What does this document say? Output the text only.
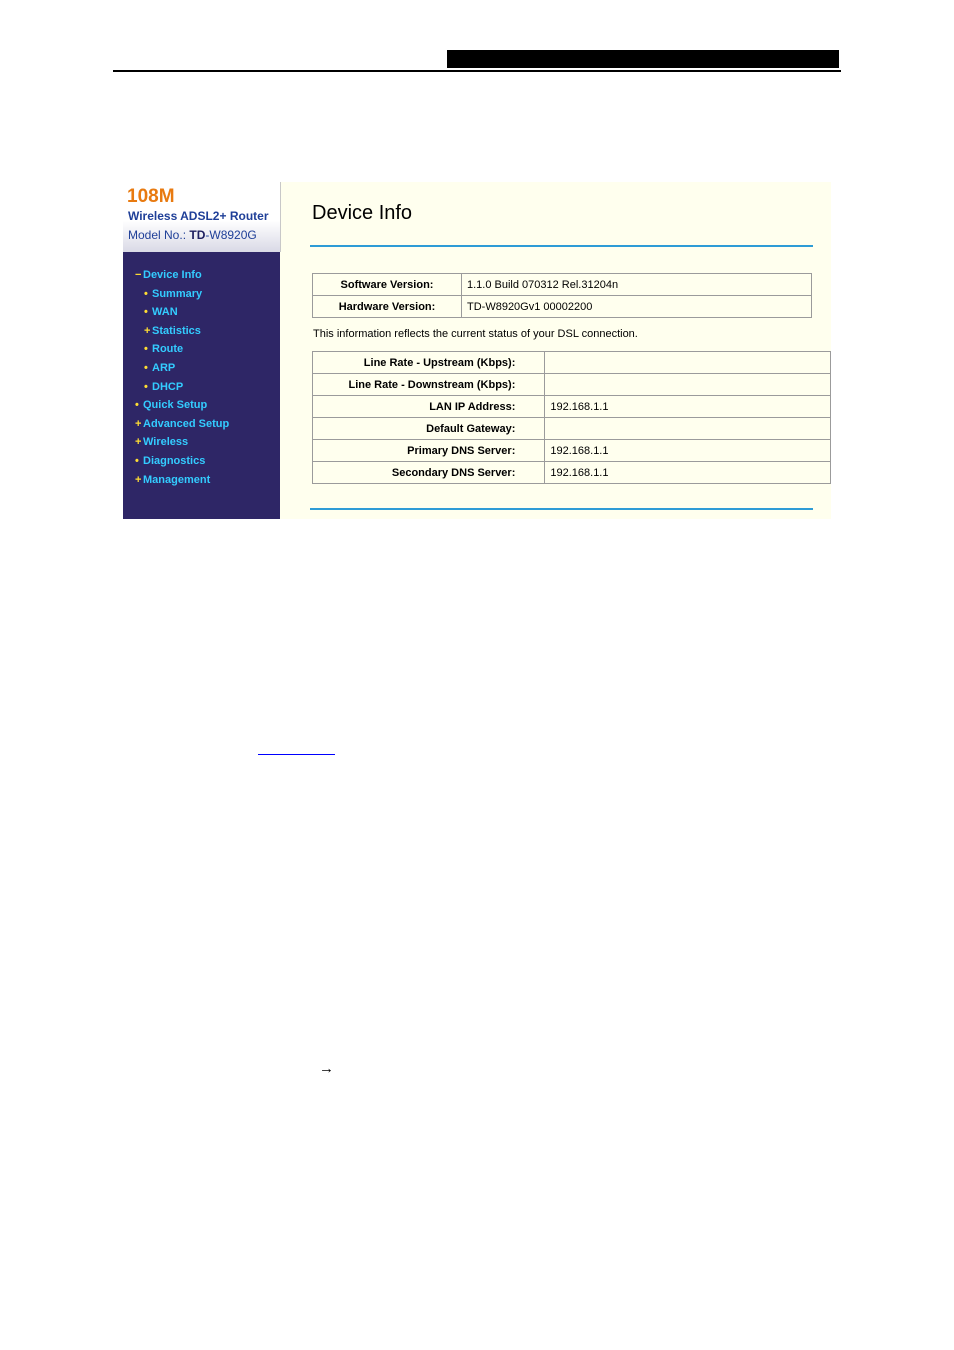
108M
Wireless ADSL2+ Router
Model No.: TD-W8920G
− Device Info
• Summary
• WAN
+ Statistics
• Route
• ARP
• DHCP
• Quick Setup
+ Advanced Setup
+ Wireless
• Diagnostics
+ Management
Device Info
Software Version:	1.1.0 Build 070312 Rel.31204n
Hardware Version:	TD-W8920Gv1 00002200
This information reflects the current status of your DSL connection.
Line Rate - Upstream (Kbps):	
Line Rate - Downstream (Kbps):	
LAN IP Address:	192.168.1.1
Default Gateway:	
Primary DNS Server:	192.168.1.1
Secondary DNS Server:	192.168.1.1
→
